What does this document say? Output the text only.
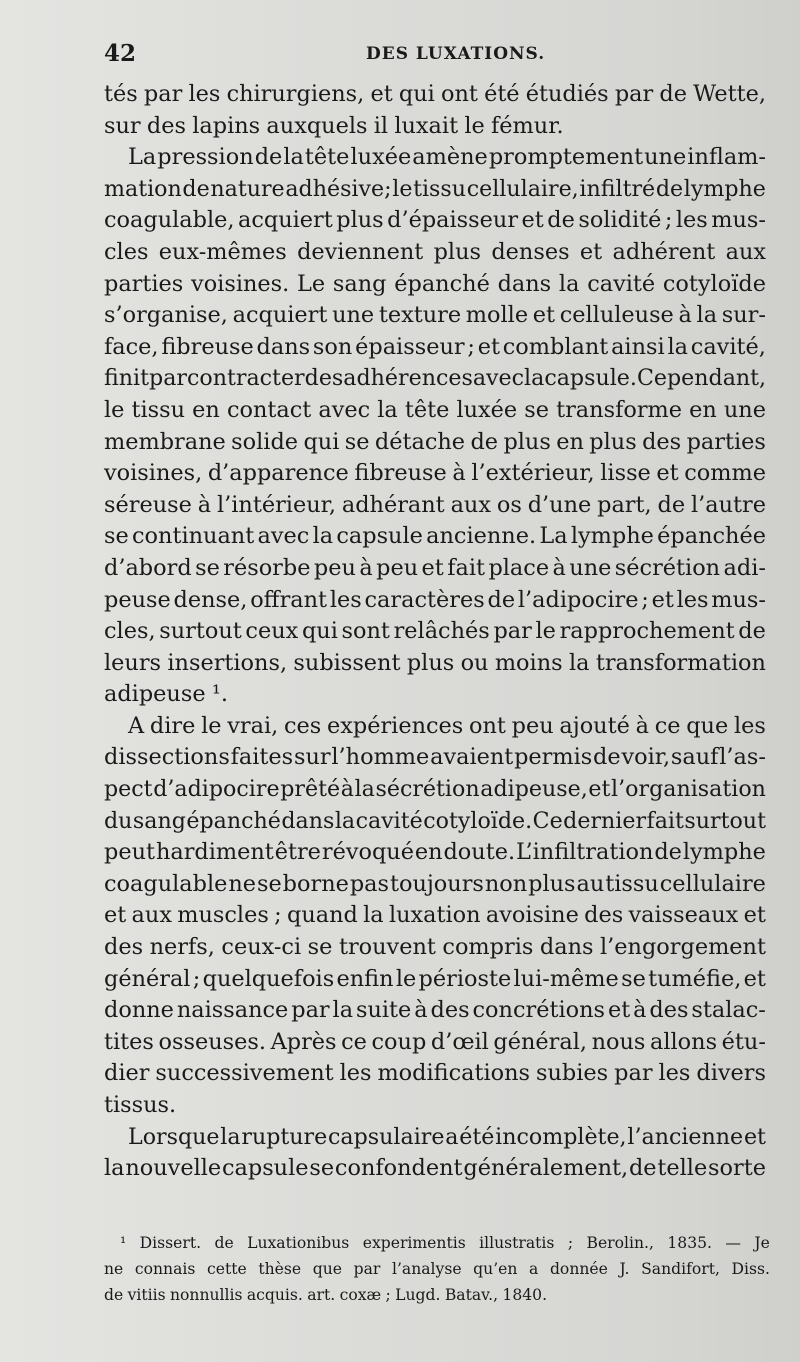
42	DES LUXATIONS.
tés par les chirurgiens, et qui ont été étudiés par de Wette,
sur des lapins auxquels il luxait le fémur.
La pression de la tête luxée amène promptement une inflam-
mation de nature adhésive; le tissu cellulaire, infiltré de lymphe
coagulable, acquiert plus d’épaisseur et de solidité ; les mus-
cles eux-mêmes deviennent plus denses et adhérent aux
parties voisines. Le sang épanché dans la cavité cotyloïde
s’organise, acquiert une texture molle et celluleuse à la sur-
face, fibreuse dans son épaisseur ; et comblant ainsi la cavité,
finit par contracter des adhérences avec la capsule. Cependant,
le tissu en contact avec la tête luxée se transforme en une
membrane solide qui se détache de plus en plus des parties
voisines, d’apparence fibreuse à l’extérieur, lisse et comme
séreuse à l’intérieur, adhérant aux os d’une part, de l’autre
se continuant avec la capsule ancienne. La lymphe épanchée
d’abord se résorbe peu à peu et fait place à une sécrétion adi-
peuse dense, offrant les caractères de l’adipocire ; et les mus-
cles, surtout ceux qui sont relâchés par le rapprochement de
leurs insertions, subissent plus ou moins la transformation
adipeuse ¹.
A dire le vrai, ces expériences ont peu ajouté à ce que les
dissections faites sur l’homme avaient permis de voir, sauf l’as-
pect d’adipocire prêté à la sécrétion adipeuse, et l’organisation
du sang épanché dans la cavité cotyloïde. Ce dernier fait surtout
peut hardiment être révoqué en doute. L’infiltration de lymphe
coagulable ne se borne pas toujours non plus au tissu cellulaire
et aux muscles ; quand la luxation avoisine des vaisseaux et
des nerfs, ceux-ci se trouvent compris dans l’engorgement
général ; quelquefois enfin le périoste lui-même se tuméfie, et
donne naissance par la suite à des concrétions et à des stalac-
tites osseuses. Après ce coup d’œil général, nous allons étu-
dier successivement les modifications subies par les divers
tissus.
Lorsque la rupture capsulaire a été incomplète, l’ancienne et
la nouvelle capsule se confondent généralement, de telle sorte
¹ Dissert. de Luxationibus experimentis illustratis ; Berolin., 1835. — Je
ne connais cette thèse que par l’analyse qu’en a donnée J. Sandifort, Diss.
de vitiis nonnullis acquis. art. coxæ ; Lugd. Batav., 1840.
